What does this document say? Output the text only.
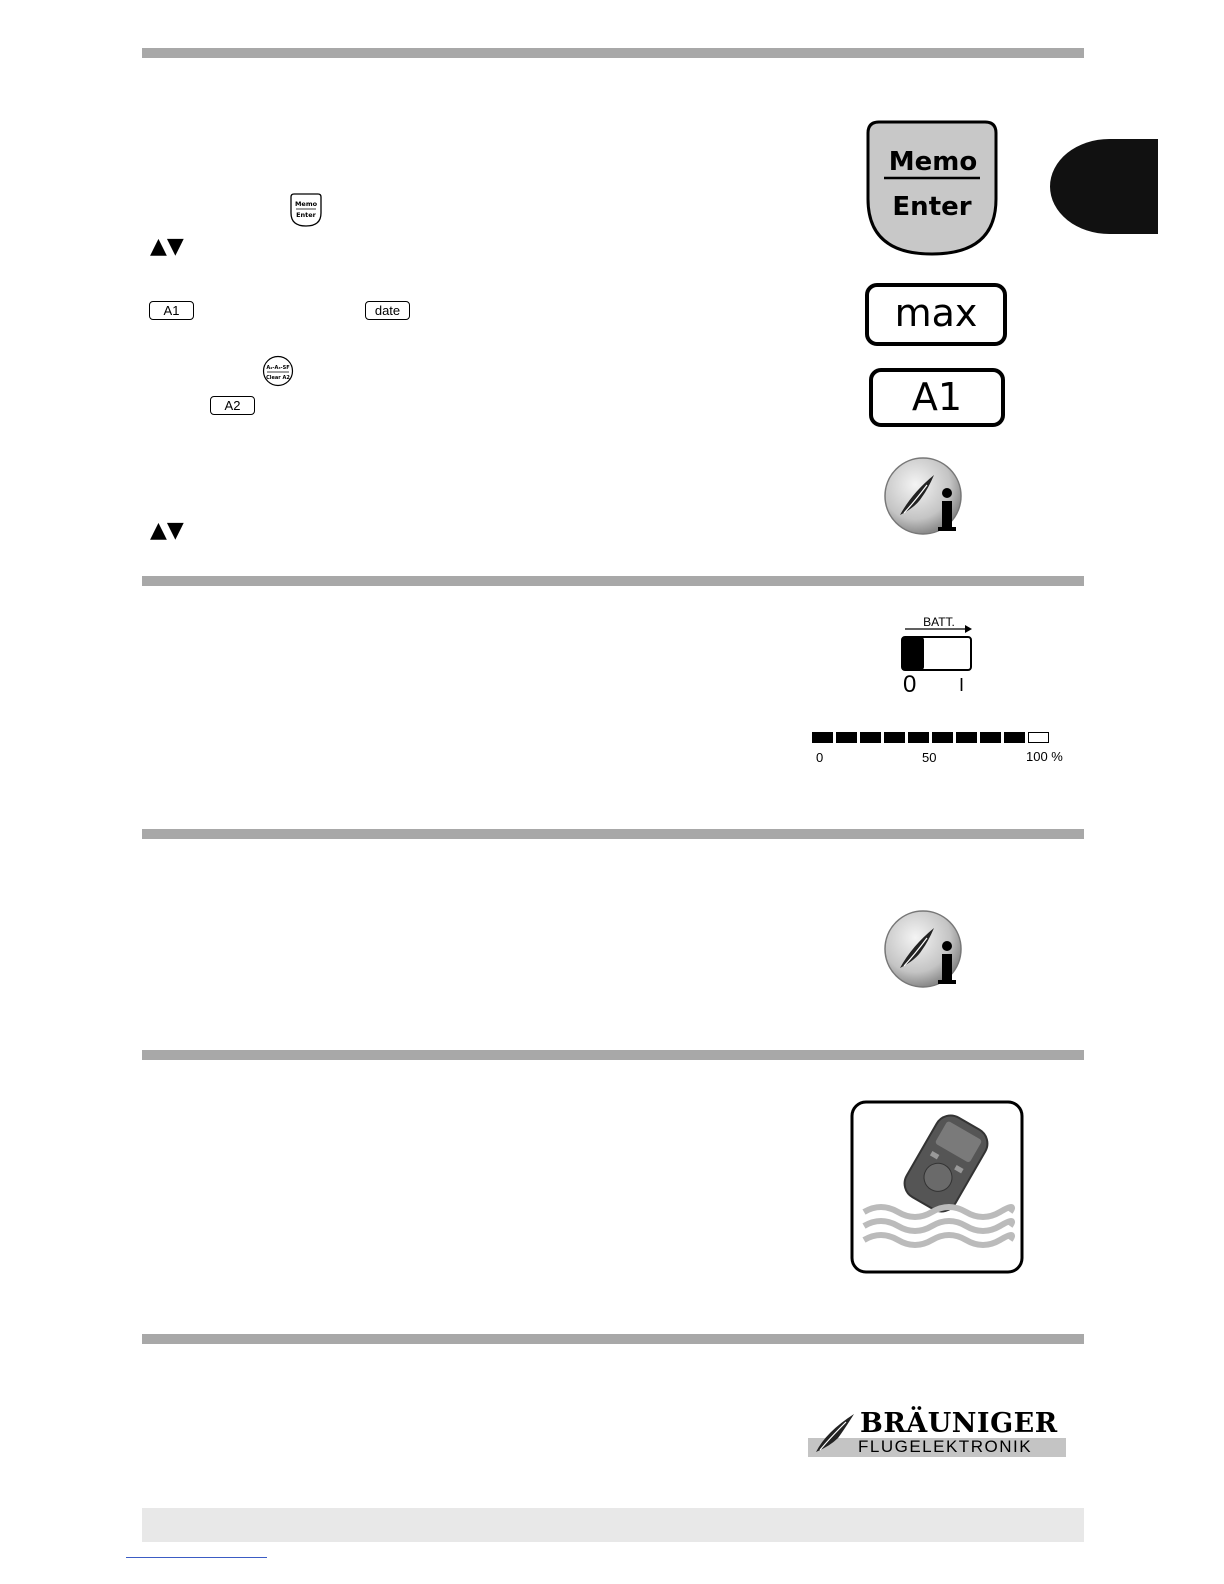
Memo
Enter
▲▼
A1	date
A₂-A₃-SF
Clear A2
A2
▲▼
Memo
Enter
max
A1
BATT.
0 I
0	50	100 %
BRÄUNIGER
FLUGELEKTRONIK
